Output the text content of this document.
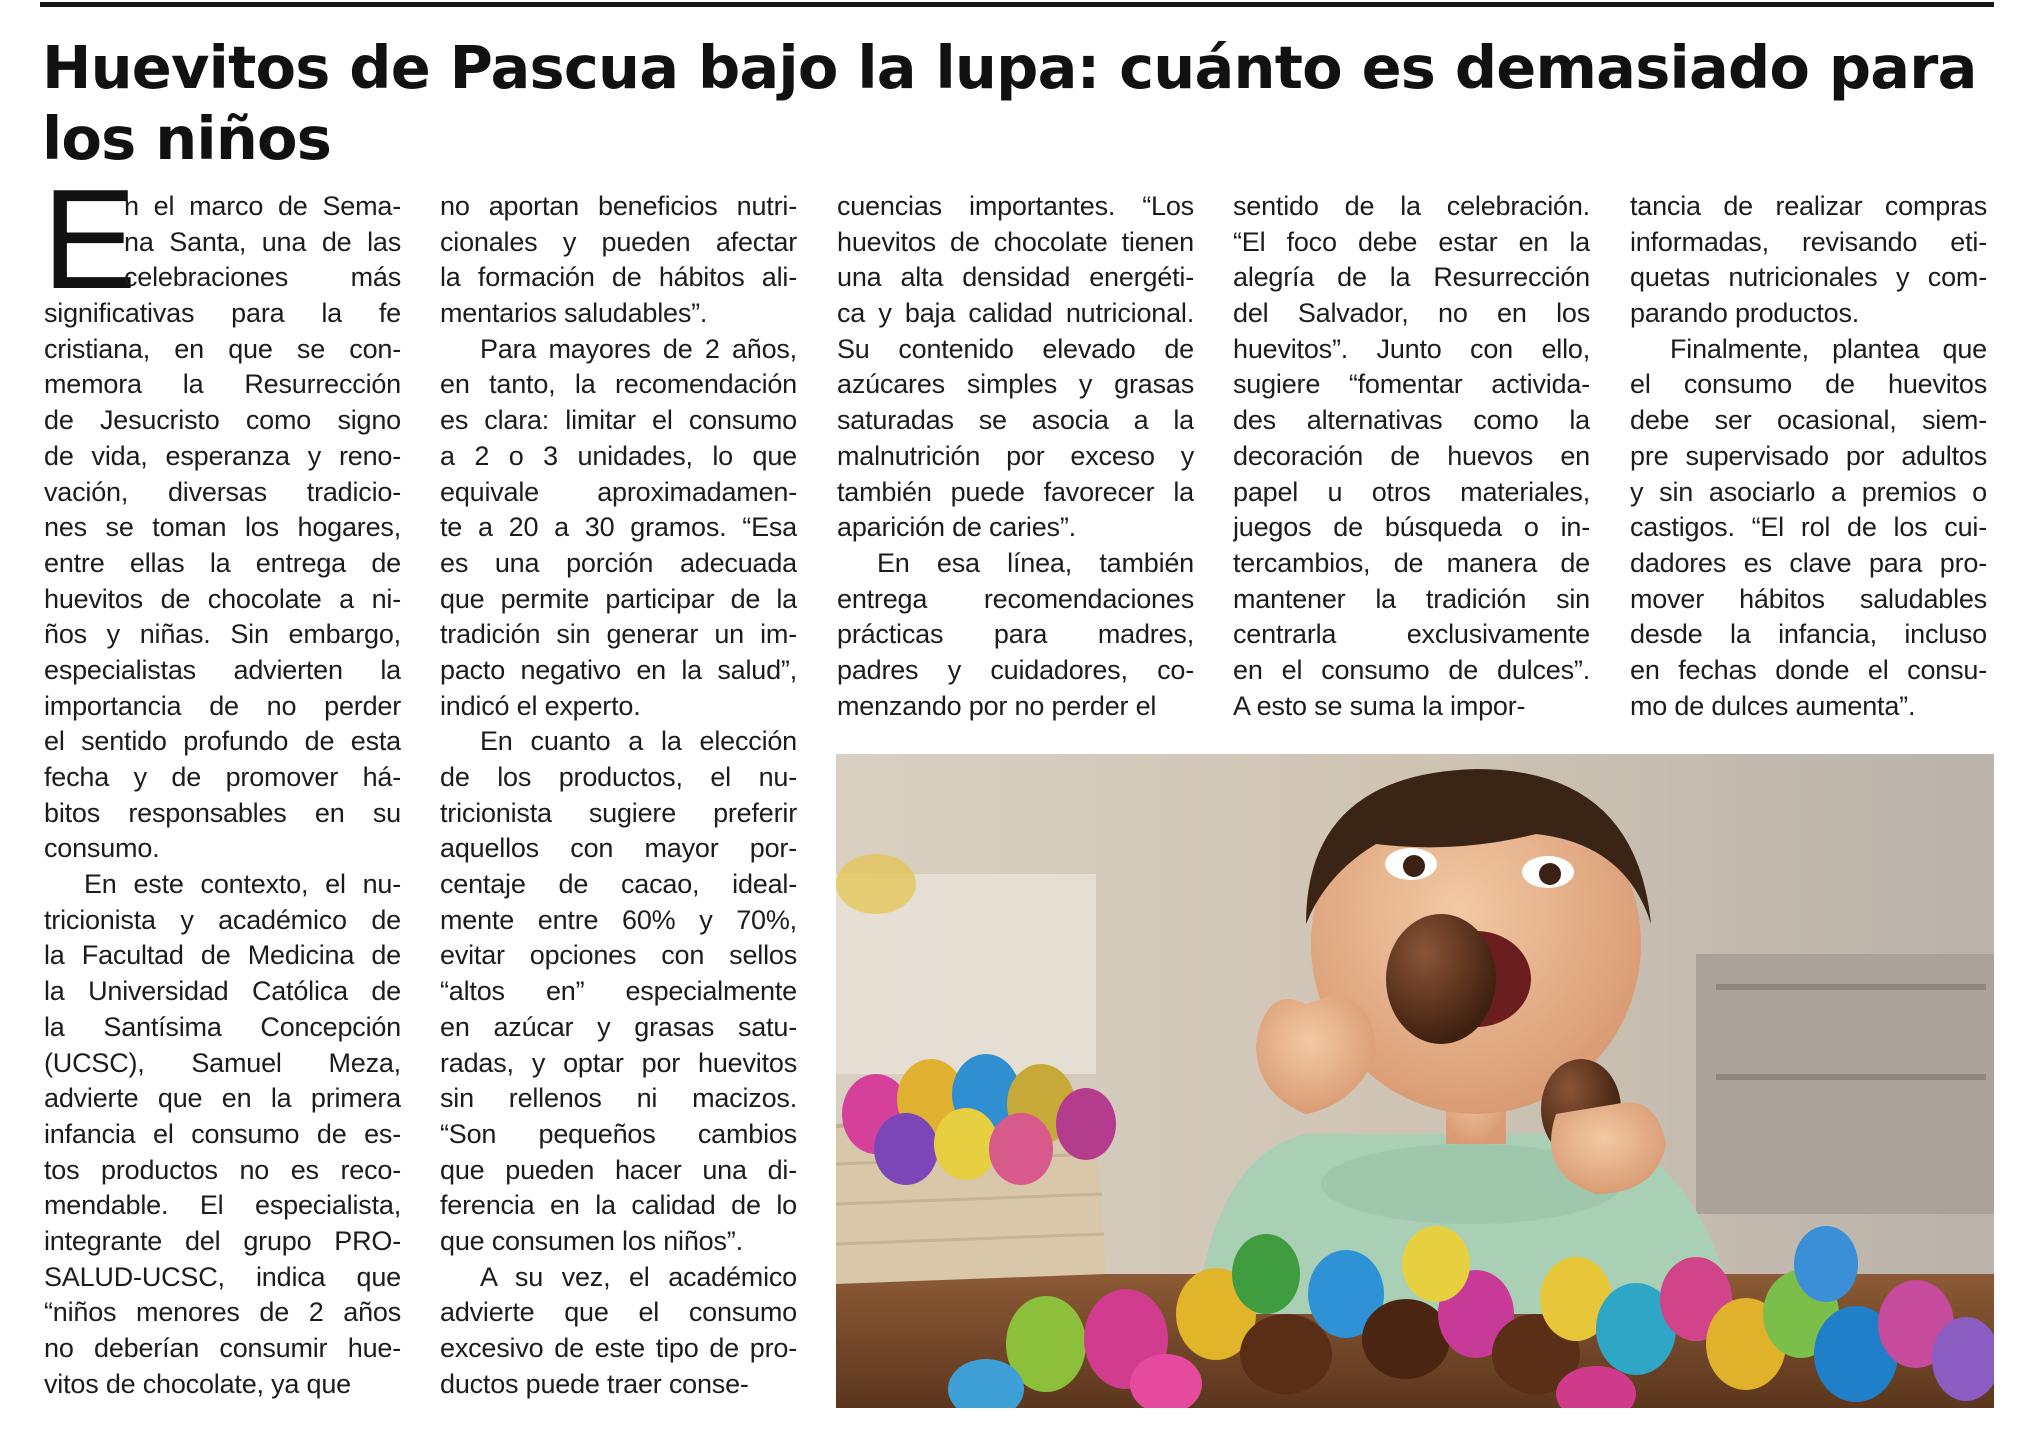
Huevitos de Pascua bajo la lupa: cuánto es demasiado para los niños
E
n el marco de Sema-
na Santa, una de las
celebraciones más
significativas para la fe
cristiana, en que se con-
memora la Resurrección
de Jesucristo como signo
de vida, esperanza y reno-
vación, diversas tradicio-
nes se toman los hogares,
entre ellas la entrega de
huevitos de chocolate a ni-
ños y niñas. Sin embargo,
especialistas advierten la
importancia de no perder
el sentido profundo de esta
fecha y de promover há-
bitos responsables en su
consumo.
En este contexto, el nu-
tricionista y académico de
la Facultad de Medicina de
la Universidad Católica de
la Santísima Concepción
(UCSC), Samuel Meza,
advierte que en la primera
infancia el consumo de es-
tos productos no es reco-
mendable. El especialista,
integrante del grupo PRO-
SALUD-UCSC, indica que
“niños menores de 2 años
no deberían consumir hue-
vitos de chocolate, ya que
no aportan beneficios nutri-
cionales y pueden afectar
la formación de hábitos ali-
mentarios saludables”.
Para mayores de 2 años,
en tanto, la recomendación
es clara: limitar el consumo
a 2 o 3 unidades, lo que
equivale aproximadamen-
te a 20 a 30 gramos. “Esa
es una porción adecuada
que permite participar de la
tradición sin generar un im-
pacto negativo en la salud”,
indicó el experto.
En cuanto a la elección
de los productos, el nu-
tricionista sugiere preferir
aquellos con mayor por-
centaje de cacao, ideal-
mente entre 60% y 70%,
evitar opciones con sellos
“altos en” especialmente
en azúcar y grasas satu-
radas, y optar por huevitos
sin rellenos ni macizos.
“Son pequeños cambios
que pueden hacer una di-
ferencia en la calidad de lo
que consumen los niños”.
A su vez, el académico
advierte que el consumo
excesivo de este tipo de pro-
ductos puede traer conse-
cuencias importantes. “Los
huevitos de chocolate tienen
una alta densidad energéti-
ca y baja calidad nutricional.
Su contenido elevado de
azúcares simples y grasas
saturadas se asocia a la
malnutrición por exceso y
también puede favorecer la
aparición de caries”.
En esa línea, también
entrega recomendaciones
prácticas para madres,
padres y cuidadores, co-
menzando por no perder el
sentido de la celebración.
“El foco debe estar en la
alegría de la Resurrección
del Salvador, no en los
huevitos”. Junto con ello,
sugiere “fomentar activida-
des alternativas como la
decoración de huevos en
papel u otros materiales,
juegos de búsqueda o in-
tercambios, de manera de
mantener la tradición sin
centrarla exclusivamente
en el consumo de dulces”.
A esto se suma la impor-
tancia de realizar compras
informadas, revisando eti-
quetas nutricionales y com-
parando productos.
Finalmente, plantea que
el consumo de huevitos
debe ser ocasional, siem-
pre supervisado por adultos
y sin asociarlo a premios o
castigos. “El rol de los cui-
dadores es clave para pro-
mover hábitos saludables
desde la infancia, incluso
en fechas donde el consu-
mo de dulces aumenta”.
